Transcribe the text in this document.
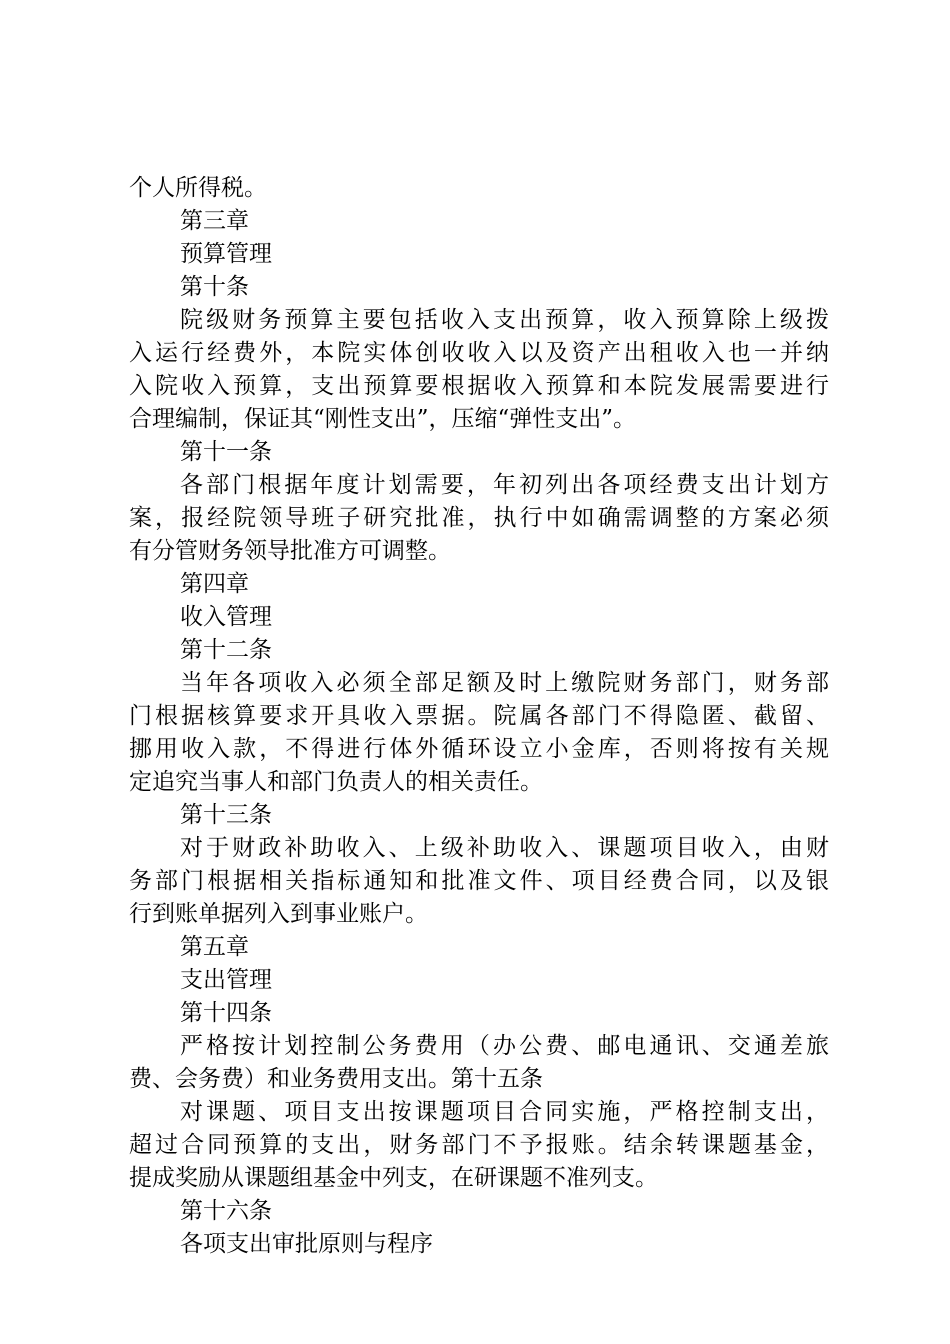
个人所得税。
第三章
预算管理
第十条
院级财务预算主要包括收入支出预算，收入预算除上级拨
入运行经费外，本院实体创收收入以及资产出租收入也一并纳
入院收入预算，支出预算要根据收入预算和本院发展需要进行
合理编制，保证其“刚性支出”，压缩“弹性支出”。
第十一条
各部门根据年度计划需要，年初列出各项经费支出计划方
案，报经院领导班子研究批准，执行中如确需调整的方案必须
有分管财务领导批准方可调整。
第四章
收入管理
第十二条
当年各项收入必须全部足额及时上缴院财务部门，财务部
门根据核算要求开具收入票据。院属各部门不得隐匿、截留、
挪用收入款，不得进行体外循环设立小金库，否则将按有关规
定追究当事人和部门负责人的相关责任。
第十三条
对于财政补助收入、上级补助收入、课题项目收入，由财
务部门根据相关指标通知和批准文件、项目经费合同，以及银
行到账单据列入到事业账户。
第五章
支出管理
第十四条
严格按计划控制公务费用（办公费、邮电通讯、交通差旅
费、会务费）和业务费用支出。第十五条
对课题、项目支出按课题项目合同实施，严格控制支出，
超过合同预算的支出，财务部门不予报账。结余转课题基金，
提成奖励从课题组基金中列支，在研课题不准列支。
第十六条
各项支出审批原则与程序
